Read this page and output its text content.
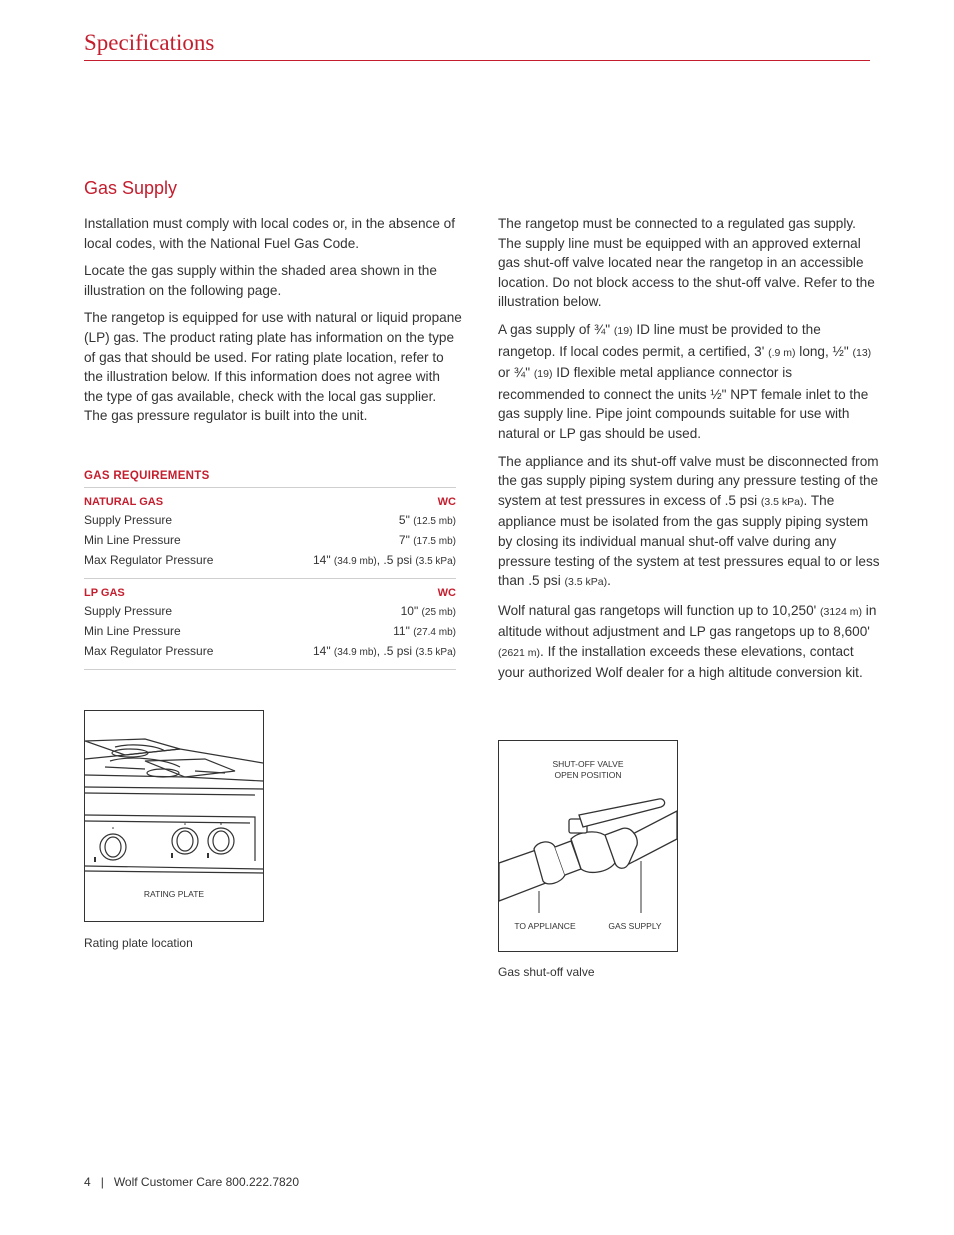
Specifications
Gas Supply

Installation must comply with local codes or, in the absence of local codes, with the National Fuel Gas Code.

Locate the gas supply within the shaded area shown in the illustration on the following page.

The rangetop is equipped for use with natural or liquid propane (LP) gas. The product rating plate has information on the type of gas that should be used. For rating plate location, refer to the illustration below. If this information does not agree with the type of gas available, check with the local gas supplier. The gas pressure regulator is built into the unit.

GAS REQUIREMENTS
NATURAL GAS	WC
Supply Pressure	5" (12.5 mb)
Min Line Pressure	7" (17.5 mb)
Max Regulator Pressure	14" (34.9 mb), .5 psi (3.5 kPa)
LP GAS	WC
Supply Pressure	10" (25 mb)
Min Line Pressure	11" (27.4 mb)
Max Regulator Pressure	14" (34.9 mb), .5 psi (3.5 kPa)

The rangetop must be connected to a regulated gas supply. The supply line must be equipped with an approved external gas shut-off valve located near the rangetop in an accessible location. Do not block access to the shut-off valve. Refer to the illustration below.

A gas supply of ¾" (19) ID line must be provided to the rangetop. If local codes permit, a certified, 3' (.9 m) long, ½" (13) or ¾" (19) ID flexible metal appliance connector is recommended to connect the units ½" NPT female inlet to the gas supply line. Pipe joint compounds suitable for use with natural or LP gas should be used.

The appliance and its shut-off valve must be disconnected from the gas supply piping system during any pressure testing of the system at test pressures in excess of .5 psi (3.5 kPa). The appliance must be isolated from the gas supply piping system by closing its individual manual shut-off valve during any pressure testing of the system at test pressures equal to or less than .5 psi (3.5 kPa).

Wolf natural gas rangetops will function up to 10,250' (3124 m) in altitude without adjustment and LP gas rangetops up to 8,600' (2621 m). If the installation exceeds these elevations, contact your authorized Wolf dealer for a high altitude conversion kit.

RATING PLATE
Rating plate location
SHUT-OFF VALVE
OPEN POSITION
TO APPLIANCE	GAS SUPPLY
Gas shut-off valve
4 | Wolf Customer Care 800.222.7820
